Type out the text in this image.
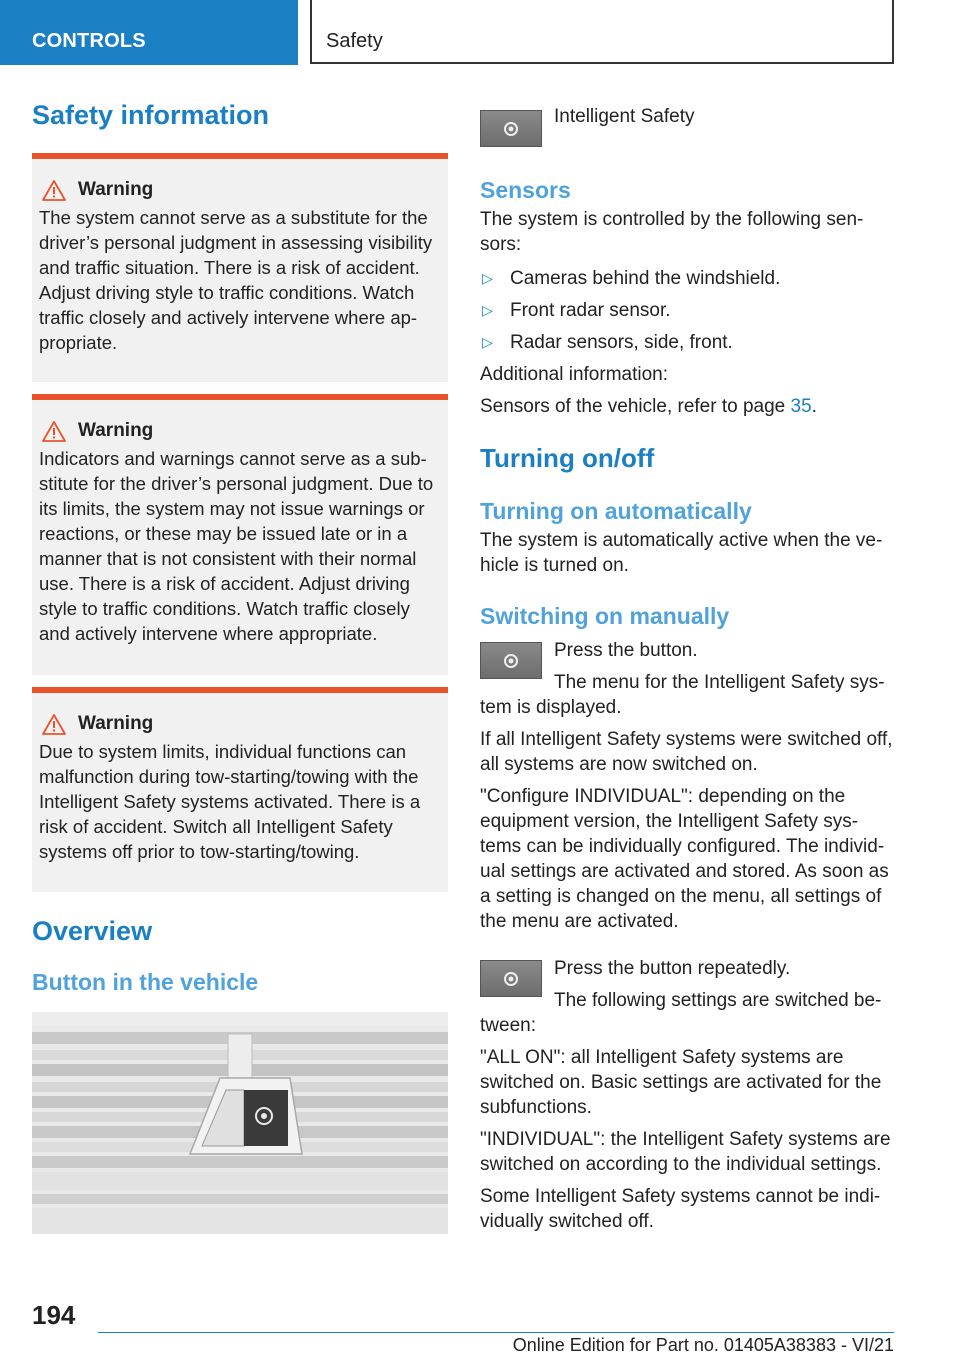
CONTROLS	Safety
Safety information
Warning

The system cannot serve as a substitute for the driver’s personal judgment in assessing visibility and traffic situation. There is a risk of accident. Adjust driving style to traffic conditions. Watch traffic closely and actively intervene where ap‐ propriate.

Warning

Indicators and warnings cannot serve as a sub‐ stitute for the driver’s personal judgment. Due to its limits, the system may not issue warnings or reactions, or these may be issued late or in a manner that is not consistent with their normal use. There is a risk of accident. Adjust driving style to traffic conditions. Watch traffic closely and actively intervene where appropriate.

Warning

Due to system limits, individual functions can malfunction during tow-starting/towing with the Intelligent Safety systems activated. There is a risk of accident. Switch all Intelligent Safety systems off prior to tow-starting/towing.

Overview
Button in the vehicle
Intelligent Safety
Sensors

The system is controlled by the following sen‐ sors:

▷ Cameras behind the windshield.
▷ Front radar sensor.
▷ Radar sensors, side, front.

Additional information:

Sensors of the vehicle, refer to page 35.

Turning on/off
Turning on automatically

The system is automatically active when the ve‐ hicle is turned on.

Switching on manually

Press the button.

The menu for the Intelligent Safety sys‐ tem is displayed.

If all Intelligent Safety systems were switched off, all systems are now switched on.

"Configure INDIVIDUAL": depending on the equipment version, the Intelligent Safety sys‐ tems can be individually configured. The individ‐ ual settings are activated and stored. As soon as a setting is changed on the menu, all settings of the menu are activated.

Press the button repeatedly.

The following settings are switched be‐ tween:

"ALL ON": all Intelligent Safety systems are switched on. Basic settings are activated for the subfunctions.

"INDIVIDUAL": the Intelligent Safety systems are switched on according to the individual settings.

Some Intelligent Safety systems cannot be indi‐ vidually switched off.

194
Online Edition for Part no. 01405A38383 - VI/21
